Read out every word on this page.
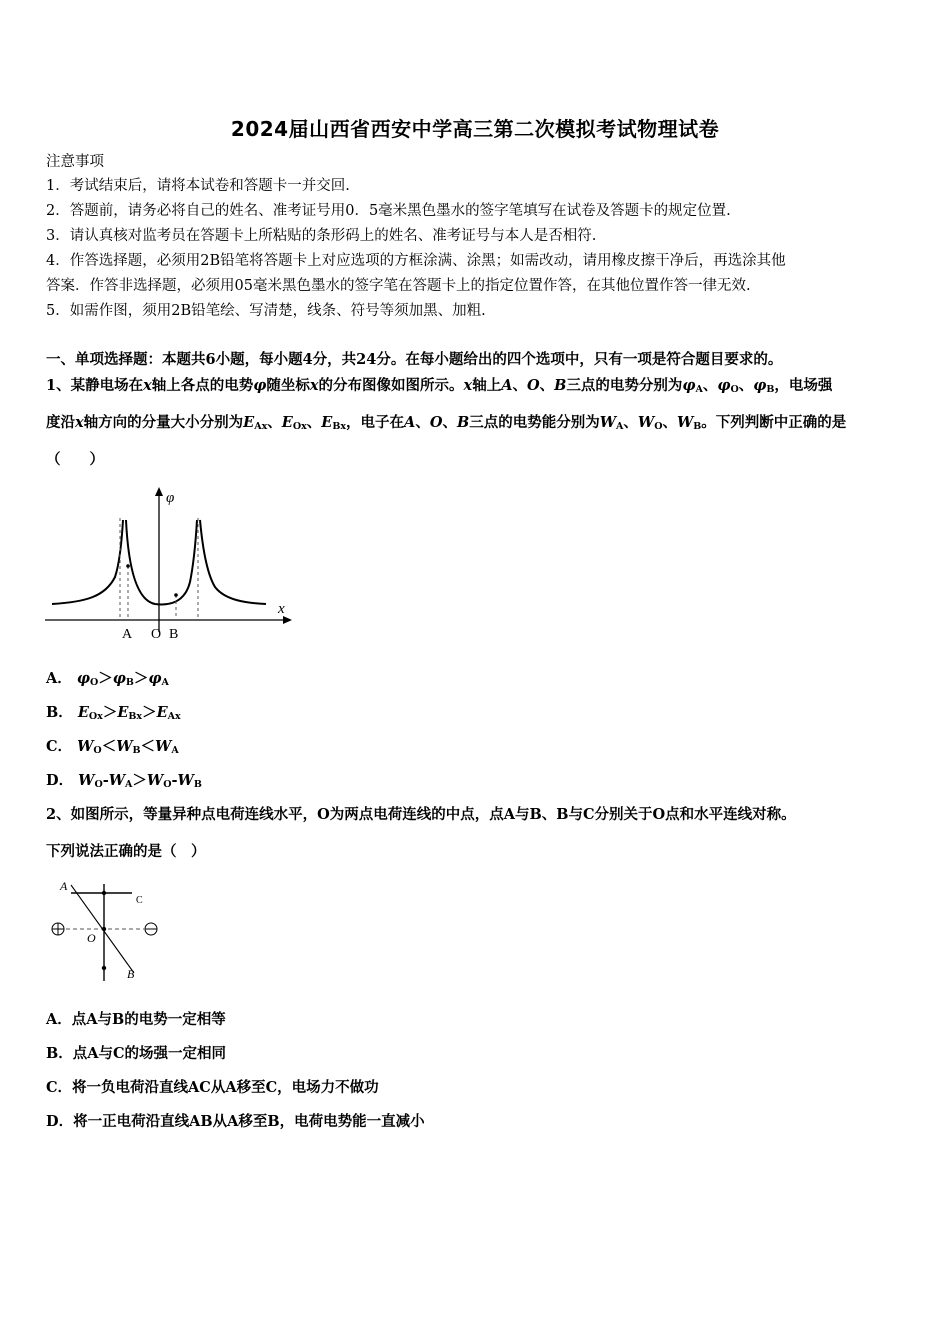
2024届山西省西安中学高三第二次模拟考试物理试卷
注意事项
1．考试结束后，请将本试卷和答题卡一并交回.
2．答题前，请务必将自己的姓名、准考证号用0．5毫米黑色墨水的签字笔填写在试卷及答题卡的规定位置.
3．请认真核对监考员在答题卡上所粘贴的条形码上的姓名、准考证号与本人是否相符.
4．作答选择题，必须用2B铅笔将答题卡上对应选项的方框涂满、涂黑；如需改动，请用橡皮擦干净后，再选涂其他
答案．作答非选择题，必须用05毫米黑色墨水的签字笔在答题卡上的指定位置作答，在其他位置作答一律无效.
5．如需作图，须用2B铅笔绘、写清楚，线条、符号等须加黑、加粗.
一、单项选择题：本题共6小题，每小题4分，共24分。在每小题给出的四个选项中，只有一项是符合题目要求的。
1、某静电场在x轴上各点的电势φ随坐标x的分布图像如图所示。x轴上A、O、B三点的电势分别为$\varphi_A$、$\varphi_O$、$\varphi_B$，电场强
度沿x轴方向的分量大小分别为$E_{Ax}$、$E_{Ox}$、$E_{Bx}$，电子在A、O、B三点的电势能分别为$W_A$、$W_O$、$W_B$。下列判断中正确的是
（　　）
φ
x
A O B
A． $\varphi_O>\varphi_B>\varphi_A$
B． $E_{Ox}>E_{Bx}>E_{Ax}$
C． $W_O<W_B<W_A$
D． $W_O-W_A>W_O-W_B$
2、如图所示，等量异种点电荷连线水平，O为两点电荷连线的中点，点A与B、B与C分别关于O点和水平连线对称。
下列说法正确的是（　）
A
C
O
B
A．点A与B的电势一定相等
B．点A与C的场强一定相同
C．将一负电荷沿直线AC从A移至C，电场力不做功
D．将一正电荷沿直线AB从A移至B，电荷电势能一直减小
